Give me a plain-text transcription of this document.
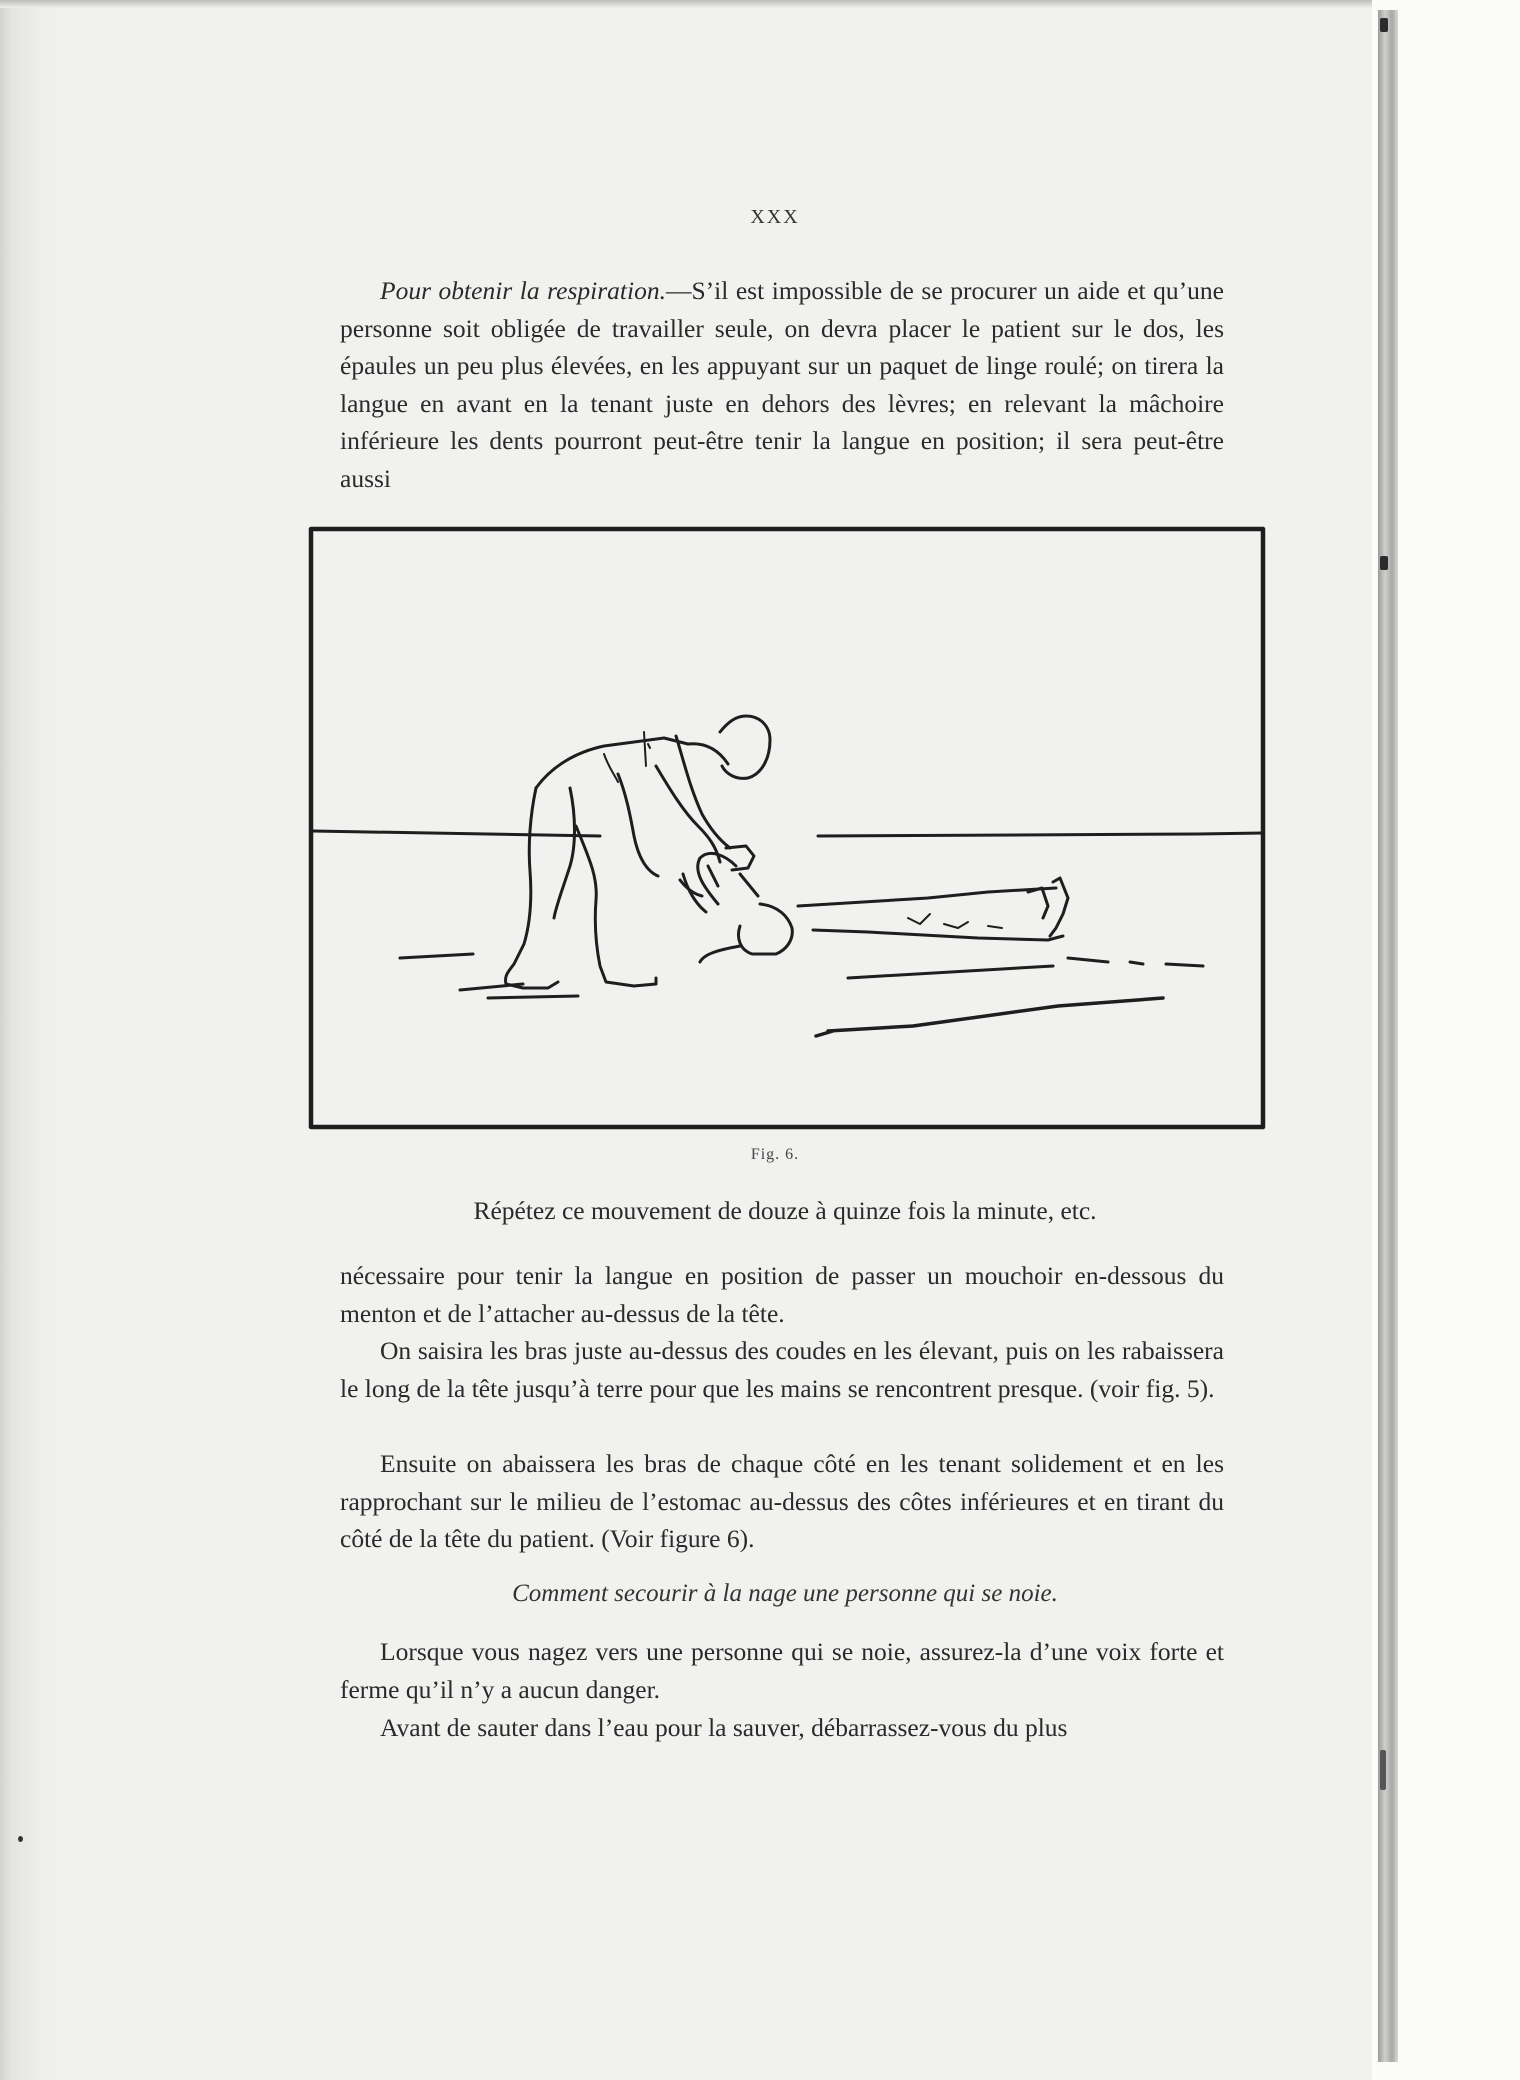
XXX

Pour obtenir la respiration.—S’il est impossible de se procurer un aide et qu’une personne soit obligée de travailler seule, on devra placer le patient sur le dos, les épaules un peu plus élevées, en les appuyant sur un paquet de linge roulé; on tirera la langue en avant en la tenant juste en dehors des lèvres; en relevant la mâchoire inférieure les dents pourront peut-être tenir la langue en position; il sera peut-être aussi

Fig. 6.
Répétez ce mouvement de douze à quinze fois la minute, etc.

nécessaire pour tenir la langue en position de passer un mouchoir en-dessous du menton et de l’attacher au-dessus de la tête.

On saisira les bras juste au-dessus des coudes en les élevant, puis on les rabaissera le long de la tête jusqu’à terre pour que les mains se rencontrent presque. (voir fig. 5).

Ensuite on abaissera les bras de chaque côté en les tenant solidement et en les rapprochant sur le milieu de l’estomac au-dessus des côtes inférieures et en tirant du côté de la tête du patient. (Voir figure 6).

Comment secourir à la nage une personne qui se noie.

Lorsque vous nagez vers une personne qui se noie, assurez-la d’une voix forte et ferme qu’il n’y a aucun danger.

Avant de sauter dans l’eau pour la sauver, débarrassez-vous du plus
